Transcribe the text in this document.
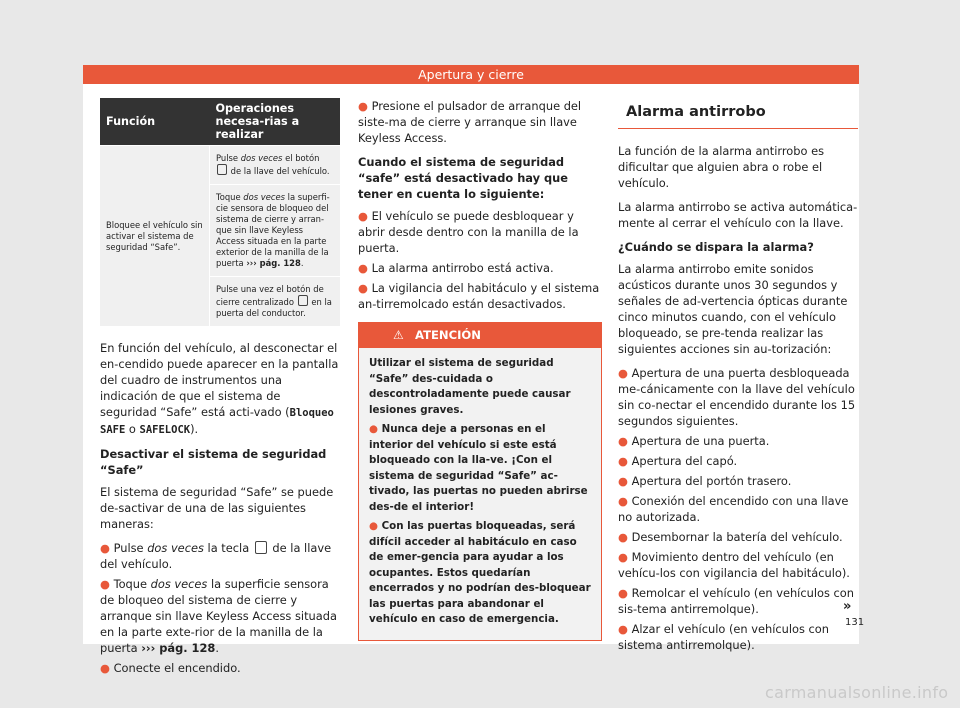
Apertura y cierre
Función	Operaciones necesa-rias a realizar
Bloquee el vehículo sin activar el sistema de seguridad “Safe”.	Pulse dos veces el botón  de la llave del vehículo.
	Toque dos veces la superfi-cie sensora de bloqueo del sistema de cierre y arran-que sin llave Keyless Access situada en la parte exterior de la manilla de la puerta ››› pág. 128.
	Pulse una vez el botón de cierre centralizado  en la puerta del conductor.

En función del vehículo, al desconectar el en-cendido puede aparecer en la pantalla del cuadro de instrumentos una indicación de que el sistema de seguridad “Safe” está acti-vado (Bloqueo SAFE o SAFELOCK).

Desactivar el sistema de seguridad “Safe”

El sistema de seguridad “Safe” se puede de-sactivar de una de las siguientes maneras:

● Pulse dos veces la tecla  de la llave del vehículo.

● Toque dos veces la superficie sensora de bloqueo del sistema de cierre y arranque sin llave Keyless Access situada en la parte exte-rior de la manilla de la puerta ››› pág. 128.

● Conecte el encendido.

● Presione el pulsador de arranque del siste-ma de cierre y arranque sin llave Keyless Access.

Cuando el sistema de seguridad “safe” está desactivado hay que tener en cuenta lo siguiente:

● El vehículo se puede desbloquear y abrir desde dentro con la manilla de la puerta.

● La alarma antirrobo está activa.

● La vigilancia del habitáculo y el sistema an-tirremolcado están desactivados.

⚠ ATENCIÓN

Utilizar el sistema de seguridad “Safe” des-cuidada o descontroladamente puede causar lesiones graves.

● Nunca deje a personas en el interior del vehículo si este está bloqueado con la lla-ve. ¡Con el sistema de seguridad “Safe” ac-tivado, las puertas no pueden abrirse des-de el interior!

● Con las puertas bloqueadas, será difícil acceder al habitáculo en caso de emer-gencia para ayudar a los ocupantes. Estos quedarían encerrados y no podrían des-bloquear las puertas para abandonar el vehículo en caso de emergencia.

Alarma antirrobo

La función de la alarma antirrobo es dificultar que alguien abra o robe el vehículo.

La alarma antirrobo se activa automática-mente al cerrar el vehículo con la llave.

¿Cuándo se dispara la alarma?

La alarma antirrobo emite sonidos acústicos durante unos 30 segundos y señales de ad-vertencia ópticas durante cinco minutos cuando, con el vehículo bloqueado, se pre-tenda realizar las siguientes acciones sin au-torización:

● Apertura de una puerta desbloqueada me-cánicamente con la llave del vehículo sin co-nectar el encendido durante los 15 segundos siguientes.

● Apertura de una puerta.

● Apertura del capó.

● Apertura del portón trasero.

● Conexión del encendido con una llave no autorizada.

● Desembornar la batería del vehículo.

● Movimiento dentro del vehículo (en vehícu-los con vigilancia del habitáculo).

● Remolcar el vehículo (en vehículos con sis-tema antirremolque).

● Alzar el vehículo (en vehículos con sistema antirremolque).

»
131
carmanualsonline.info
